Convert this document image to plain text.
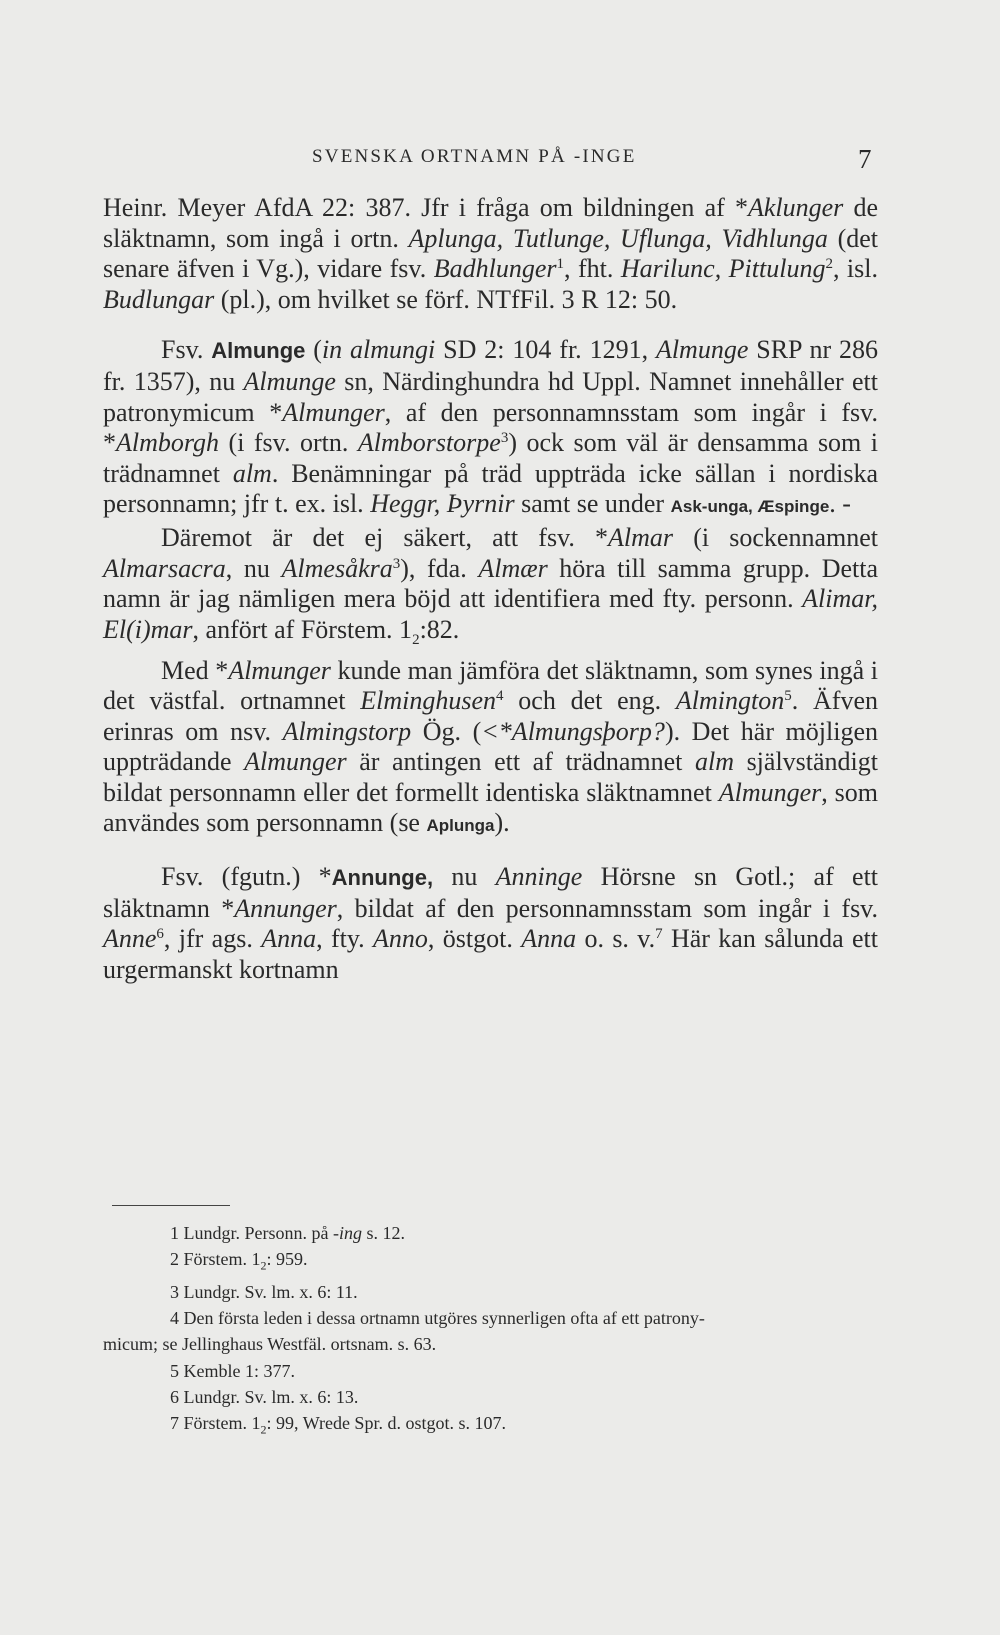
SVENSKA ORTNAMN PÅ -INGE	7

Heinr. Meyer AfdA 22: 387. Jfr i fråga om bildningen af *Aklunger de släktnamn, som ingå i ortn. Aplunga, Tutlunge, Uflunga, Vidhlunga (det senare äfven i Vg.), vidare fsv. Badhlunger$^1$, fht. Harilunc, Pittulung$^2$, isl. Budlungar (pl.), om hvilket se förf. NTfFil. 3 R 12: 50.

Fsv. Almunge (in almungi SD 2: 104 fr. 1291, Almunge SRP nr 286 fr. 1357), nu Almunge sn, Närdinghundra hd Uppl. Namnet innehåller ett patronymicum *Almunger, af den personnamnsstam som ingår i fsv. *Almborgh (i fsv. ortn. Almborstorpe$^3$) ock som väl är densamma som i trädnamnet alm. Benämningar på träd uppträda icke sällan i nordiska personnamn; jfr t. ex. isl. Heggr, Þyrnir samt se under Ask-unga, Æspinge. -

Däremot är det ej säkert, att fsv. *Almar (i sockennamnet Almarsacra, nu Almesåkra$^3$), fda. Almær höra till samma grupp. Detta namn är jag nämligen mera böjd att identifiera med fty. personn. Alimar, El(i)mar, anfört af Förstem. $1_2:82$.

Med *Almunger kunde man jämföra det släktnamn, som synes ingå i det västfal. ortnamnet Elminghusen$^4$ och det eng. Almington$^5$. Äfven erinras om nsv. Almingstorp Ög. (<*Almungsþorp?). Det här möjligen uppträdande Almunger är antingen ett af trädnamnet alm självständigt bildat personnamn eller det formellt identiska släktnamnet Almunger, som användes som personnamn (se Aplunga).

Fsv. (fgutn.) *Annunge, nu Anninge Hörsne sn Gotl.; af ett släktnamn *Annunger, bildat af den personnamnsstam som ingår i fsv. Anne$^6$, jfr ags. Anna, fty. Anno, östgot. Anna o. s. v.$^7$ Här kan sålunda ett urgermanskt kortnamn

1 Lundgr. Personn. på -ing s. 12.
2 Förstem. $1_2$: 959.
3 Lundgr. Sv. lm. x. 6: 11.
4 Den första leden i dessa ortnamn utgöres synnerligen ofta af ett patrony-
micum; se Jellinghaus Westfäl. ortsnam. s. 63.
5 Kemble 1: 377.
6 Lundgr. Sv. lm. x. 6: 13.
7 Förstem. $1_2$: 99, Wrede Spr. d. ostgot. s. 107.
